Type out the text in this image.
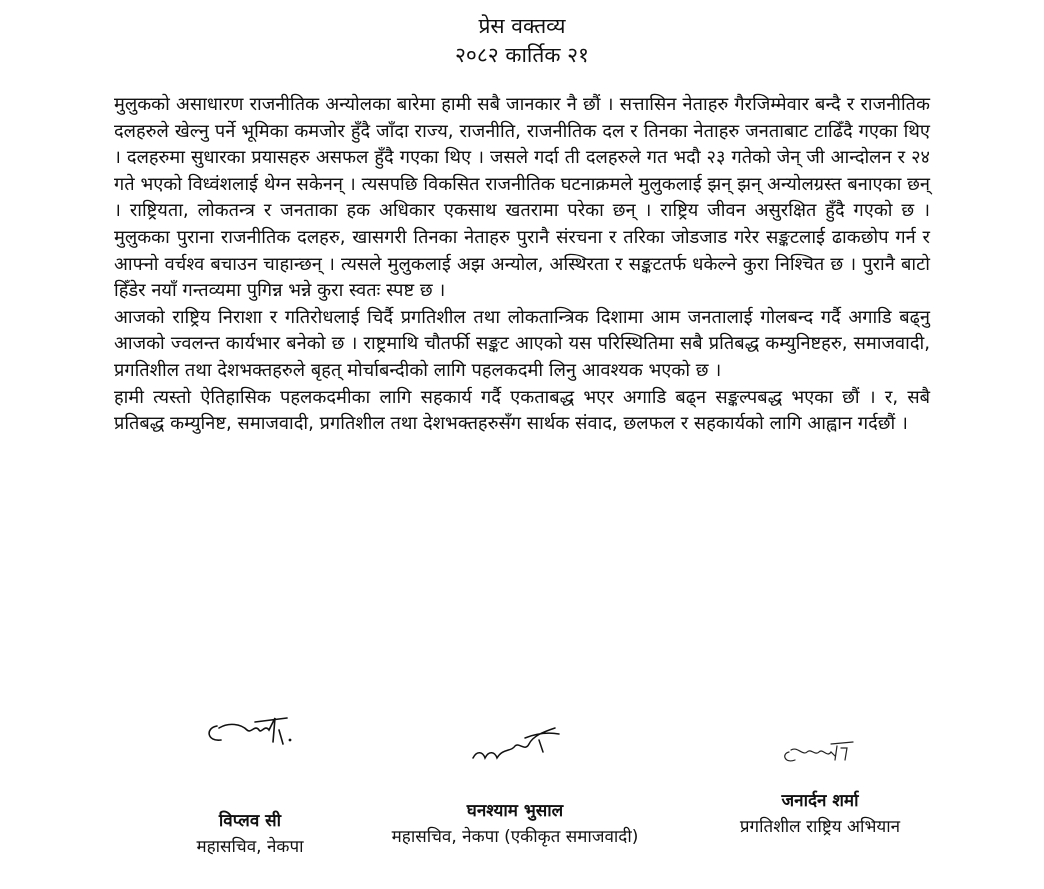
प्रेस वक्तव्य
२०८२ कार्तिक २१

मुलुकको असाधारण राजनीतिक अन्योलका बारेमा हामी सबै जानकार नै छौं । सत्तासिन नेताहरु गैरजिम्मेवार बन्दै र राजनीतिक दलहरुले खेल्नु पर्ने भूमिका कमजोर हुँदै जाँदा राज्य, राजनीति, राजनीतिक दल र तिनका नेताहरु जनताबाट टाढिँदै गएका थिए । दलहरुमा सुधारका प्रयासहरु असफल हुँदै गएका थिए । जसले गर्दा ती दलहरुले गत भदौ २३ गतेको जेन् जी आन्दोलन र २४ गते भएको विध्वंशलाई थेग्न सकेनन् । त्यसपछि विकसित राजनीतिक घटनाक्रमले मुलुकलाई झन् झन् अन्योलग्रस्त बनाएका छन् । राष्ट्रियता, लोकतन्त्र र जनताका हक अधिकार एकसाथ खतरामा परेका छन् । राष्ट्रिय जीवन असुरक्षित हुँदै गएको छ । मुलुकका पुराना राजनीतिक दलहरु, खासगरी तिनका नेताहरु पुरानै संरचना र तरिका जोडजाड गरेर सङ्कटलाई ढाकछोप गर्न र आफ्नो वर्चश्व बचाउन चाहान्छन् । त्यसले मुलुकलाई अझ अन्योल, अस्थिरता र सङ्कटतर्फ धकेल्ने कुरा निश्चित छ । पुरानै बाटो हिँडेर नयाँ गन्तव्यमा पुगिन्न भन्ने कुरा स्वतः स्पष्ट छ ।

आजको राष्ट्रिय निराशा र गतिरोधलाई चिर्दै प्रगतिशील तथा लोकतान्त्रिक दिशामा आम जनतालाई गोलबन्द गर्दै अगाडि बढ्नु आजको ज्वलन्त कार्यभार बनेको छ । राष्ट्रमाथि चौतर्फी सङ्कट आएको यस परिस्थितिमा सबै प्रतिबद्ध कम्युनिष्टहरु, समाजवादी, प्रगतिशील तथा देशभक्तहरुले बृहत् मोर्चाबन्दीको लागि पहलकदमी लिनु आवश्यक भएको छ ।

हामी त्यस्तो ऐतिहासिक पहलकदमीका लागि सहकार्य गर्दै एकताबद्ध भएर अगाडि बढ्न सङ्कल्पबद्ध भएका छौं । र, सबै प्रतिबद्ध कम्युनिष्ट, समाजवादी, प्रगतिशील तथा देशभक्तहरुसँग सार्थक संवाद, छलफल र सहकार्यको लागि आह्वान गर्दछौं ।

विप्लव सी
महासचिव, नेकपा
घनश्याम भुसाल
महासचिव, नेकपा (एकीकृत समाजवादी)
जनार्दन शर्मा
प्रगतिशील राष्ट्रिय अभियान
